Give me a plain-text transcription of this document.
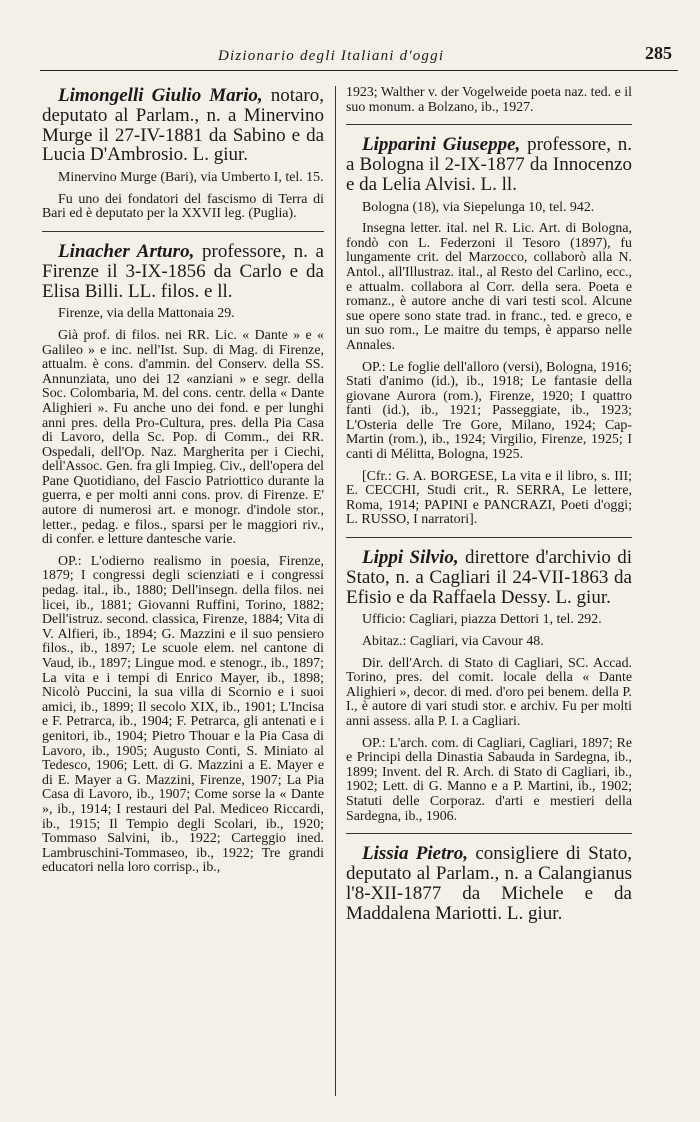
Dizionario degli Italiani d'oggi	285

Limongelli Giulio Mario, notaro, deputato al Parlam., n. a Minervino Murge il 27-IV-1881 da Sabino e da Lucia D'Ambrosio. L. giur.

Minervino Murge (Bari), via Umberto I, tel. 15.

Fu uno dei fondatori del fascismo di Terra di Bari ed è deputato per la XXVII leg. (Puglia).

Linacher Arturo, professore, n. a Firenze il 3-IX-1856 da Carlo e da Elisa Billi. LL. filos. e ll.

Firenze, via della Mattonaia 29.

Già prof. di filos. nei RR. Lic. « Dante » e « Galileo » e inc. nell'Ist. Sup. di Mag. di Firenze, attualm. è cons. d'ammin. del Conserv. della SS. Annunziata, uno dei 12 «anziani » e segr. della Soc. Colombaria, M. del cons. centr. della « Dante Alighieri ». Fu anche uno dei fond. e per lunghi anni pres. della Pro-Cultura, pres. della Pia Casa di Lavoro, della Sc. Pop. di Comm., dei RR. Ospedali, dell'Op. Naz. Margherita per i Ciechi, dell'Assoc. Gen. fra gli Impieg. Civ., dell'opera del Pane Quotidiano, del Fascio Patriottico durante la guerra, e per molti anni cons. prov. di Firenze. E' autore di numerosi art. e monogr. d'indole stor., letter., pedag. e filos., sparsi per le maggiori riv., di confer. e letture dantesche varie.

OP.: L'odierno realismo in poesia, Firenze, 1879; I congressi degli scienziati e i congressi pedag. ital., ib., 1880; Dell'insegn. della filos. nei licei, ib., 1881; Giovanni Ruffini, Torino, 1882; Dell'istruz. second. classica, Firenze, 1884; Vita di V. Alfieri, ib., 1894; G. Mazzini e il suo pensiero filos., ib., 1897; Le scuole elem. nel cantone di Vaud, ib., 1897; Lingue mod. e stenogr., ib., 1897; La vita e i tempi di Enrico Mayer, ib., 1898; Nicolò Puccini, la sua villa di Scornio e i suoi amici, ib., 1899; Il secolo XIX, ib., 1901; L'Incisa e F. Petrarca, ib., 1904; F. Petrarca, gli antenati e i genitori, ib., 1904; Pietro Thouar e la Pia Casa di Lavoro, ib., 1905; Augusto Conti, S. Miniato al Tedesco, 1906; Lett. di G. Mazzini a E. Mayer e di E. Mayer a G. Mazzini, Firenze, 1907; La Pia Casa di Lavoro, ib., 1907; Come sorse la « Dante », ib., 1914; I restauri del Pal. Mediceo Riccardi, ib., 1915; Il Tempio degli Scolari, ib., 1920; Tommaso Salvini, ib., 1922; Carteggio ined. Lambruschini-Tommaseo, ib., 1922; Tre grandi educatori nella loro corrisp., ib.,

1923; Walther v. der Vogelweide poeta naz. ted. e il suo monum. a Bolzano, ib., 1927.

Lipparini Giuseppe, professore, n. a Bologna il 2-IX-1877 da Innocenzo e da Lelia Alvisi. L. ll.

Bologna (18), via Siepelunga 10, tel. 942.

Insegna letter. ital. nel R. Lic. Art. di Bologna, fondò con L. Federzoni il Tesoro (1897), fu lungamente crit. del Marzocco, collaborò alla N. Antol., all'Illustraz. ital., al Resto del Carlino, ecc., e attualm. collabora al Corr. della sera. Poeta e romanz., è autore anche di vari testi scol. Alcune sue opere sono state trad. in franc., ted. e greco, e un suo rom., Le maitre du temps, è apparso nelle Annales.

OP.: Le foglie dell'alloro (versi), Bologna, 1916; Stati d'animo (id.), ib., 1918; Le fantasie della giovane Aurora (rom.), Firenze, 1920; I quattro fanti (id.), ib., 1921; Passeggiate, ib., 1923; L'Osteria delle Tre Gore, Milano, 1924; Cap-Martin (rom.), ib., 1924; Virgilio, Firenze, 1925; I canti di Mélitta, Bologna, 1925.

[Cfr.: G. A. BORGESE, La vita e il libro, s. III; E. CECCHI, Studi crit., R. SERRA, Le lettere, Roma, 1914; PAPINI e PANCRAZI, Poeti d'oggi; L. RUSSO, I narratori].

Lippi Silvio, direttore d'archivio di Stato, n. a Cagliari il 24-VII-1863 da Efisio e da Raffaela Dessy. L. giur.

Ufficio: Cagliari, piazza Dettori 1, tel. 292.

Abitaz.: Cagliari, via Cavour 48.

Dir. dell'Arch. di Stato di Cagliari, SC. Accad. Torino, pres. del comit. locale della « Dante Alighieri », decor. di med. d'oro pei benem. della P. I., è autore di vari studi stor. e archiv. Fu per molti anni assess. alla P. I. a Cagliari.

OP.: L'arch. com. di Cagliari, Cagliari, 1897; Re e Principi della Dinastia Sabauda in Sardegna, ib., 1899; Invent. del R. Arch. di Stato di Cagliari, ib., 1902; Lett. di G. Manno e a P. Martini, ib., 1902; Statuti delle Corporaz. d'arti e mestieri della Sardegna, ib., 1906.

Lissia Pietro, consigliere di Stato, deputato al Parlam., n. a Calangianus l'8-XII-1877 da Michele e da Maddalena Mariotti. L. giur.
